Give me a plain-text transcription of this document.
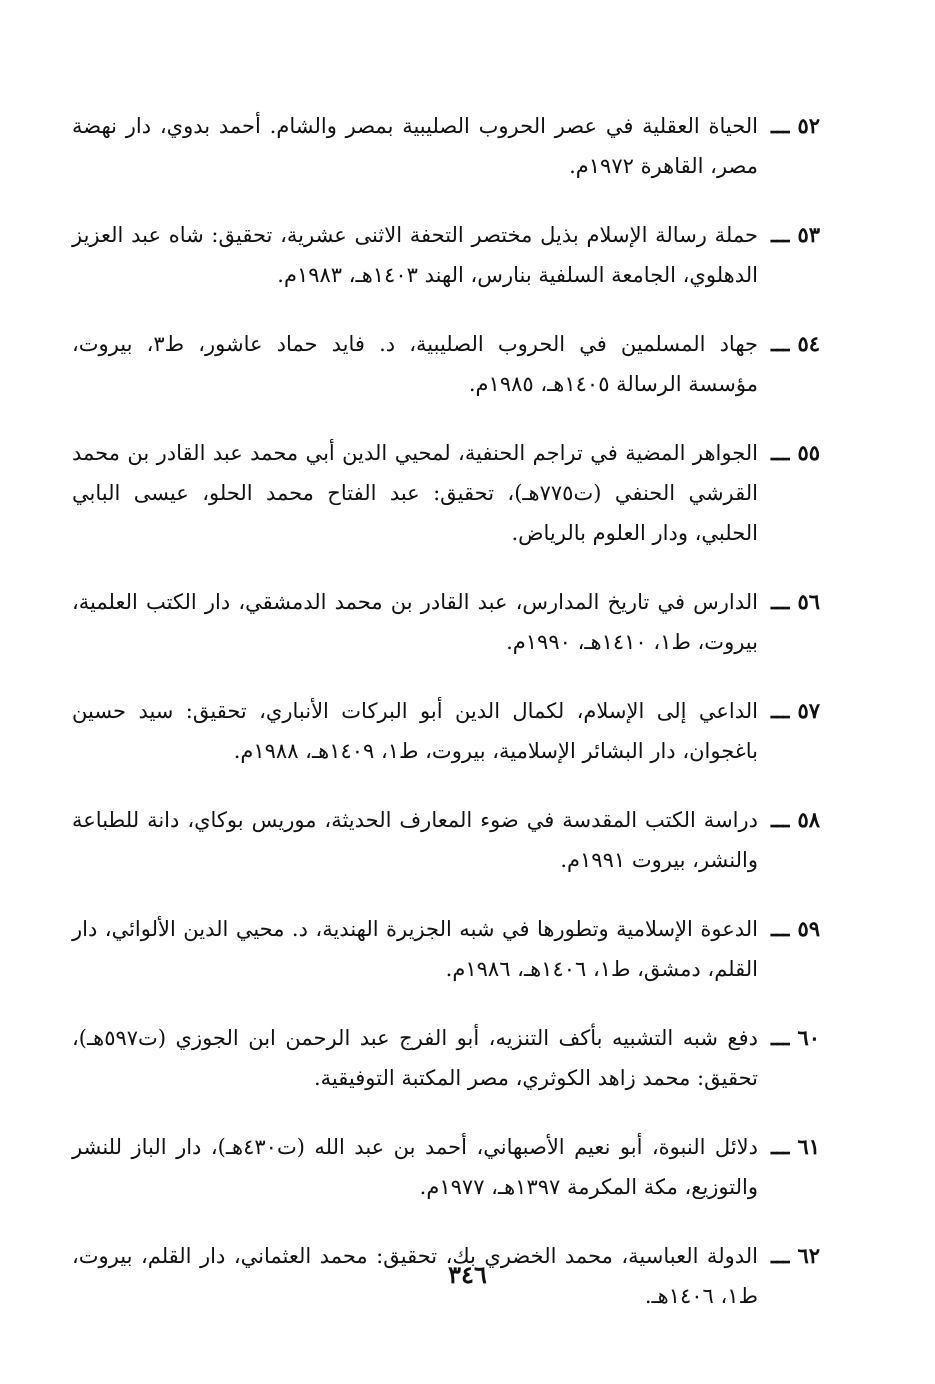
٥٢ـــ
الحياة العقلية في عصر الحروب الصليبية بمصر والشام. أحمد بدوي، دار نهضة مصر، القاهرة ١٩٧٢م.
٥٣ـــ
حملة رسالة الإسلام بذيل مختصر التحفة الاثنى عشرية، تحقيق: شاه عبد العزيز الدهلوي، الجامعة السلفية بنارس، الهند ١٤٠٣هـ، ١٩٨٣م.
٥٤ـــ
جهاد المسلمين في الحروب الصليبية، د. فايد حماد عاشور، ط٣، بيروت، مؤسسة الرسالة ١٤٠٥هـ، ١٩٨٥م.
٥٥ـــ
الجواهر المضية في تراجم الحنفية، لمحيي الدين أبي محمد عبد القادر بن محمد القرشي الحنفي (ت٧٧٥هـ)، تحقيق: عبد الفتاح محمد الحلو، عيسى البابي الحلبي، ودار العلوم بالرياض.
٥٦ـــ
الدارس في تاريخ المدارس، عبد القادر بن محمد الدمشقي، دار الكتب العلمية، بيروت، ط١، ١٤١٠هـ، ١٩٩٠م.
٥٧ـــ
الداعي إلى الإسلام، لكمال الدين أبو البركات الأنباري، تحقيق: سيد حسين باغجوان، دار البشائر الإسلامية، بيروت، ط١، ١٤٠٩هـ، ١٩٨٨م.
٥٨ـــ
دراسة الكتب المقدسة في ضوء المعارف الحديثة، موريس بوكاي، دانة للطباعة والنشر، بيروت ١٩٩١م.
٥٩ـــ
الدعوة الإسلامية وتطورها في شبه الجزيرة الهندية، د. محيي الدين الألوائي، دار القلم، دمشق، ط١، ١٤٠٦هـ، ١٩٨٦م.
٦٠ـــ
دفع شبه التشبيه بأكف التنزيه، أبو الفرج عبد الرحمن ابن الجوزي (ت٥٩٧هـ)، تحقيق: محمد زاهد الكوثري، مصر المكتبة التوفيقية.
٦١ـــ
دلائل النبوة، أبو نعيم الأصبهاني، أحمد بن عبد الله (ت٤٣٠هـ)، دار الباز للنشر والتوزيع، مكة المكرمة ١٣٩٧هـ، ١٩٧٧م.
٦٢ـــ
الدولة العباسية، محمد الخضري بك، تحقيق: محمد العثماني، دار القلم، بيروت، ط١، ١٤٠٦هـ.
٣٤٦
